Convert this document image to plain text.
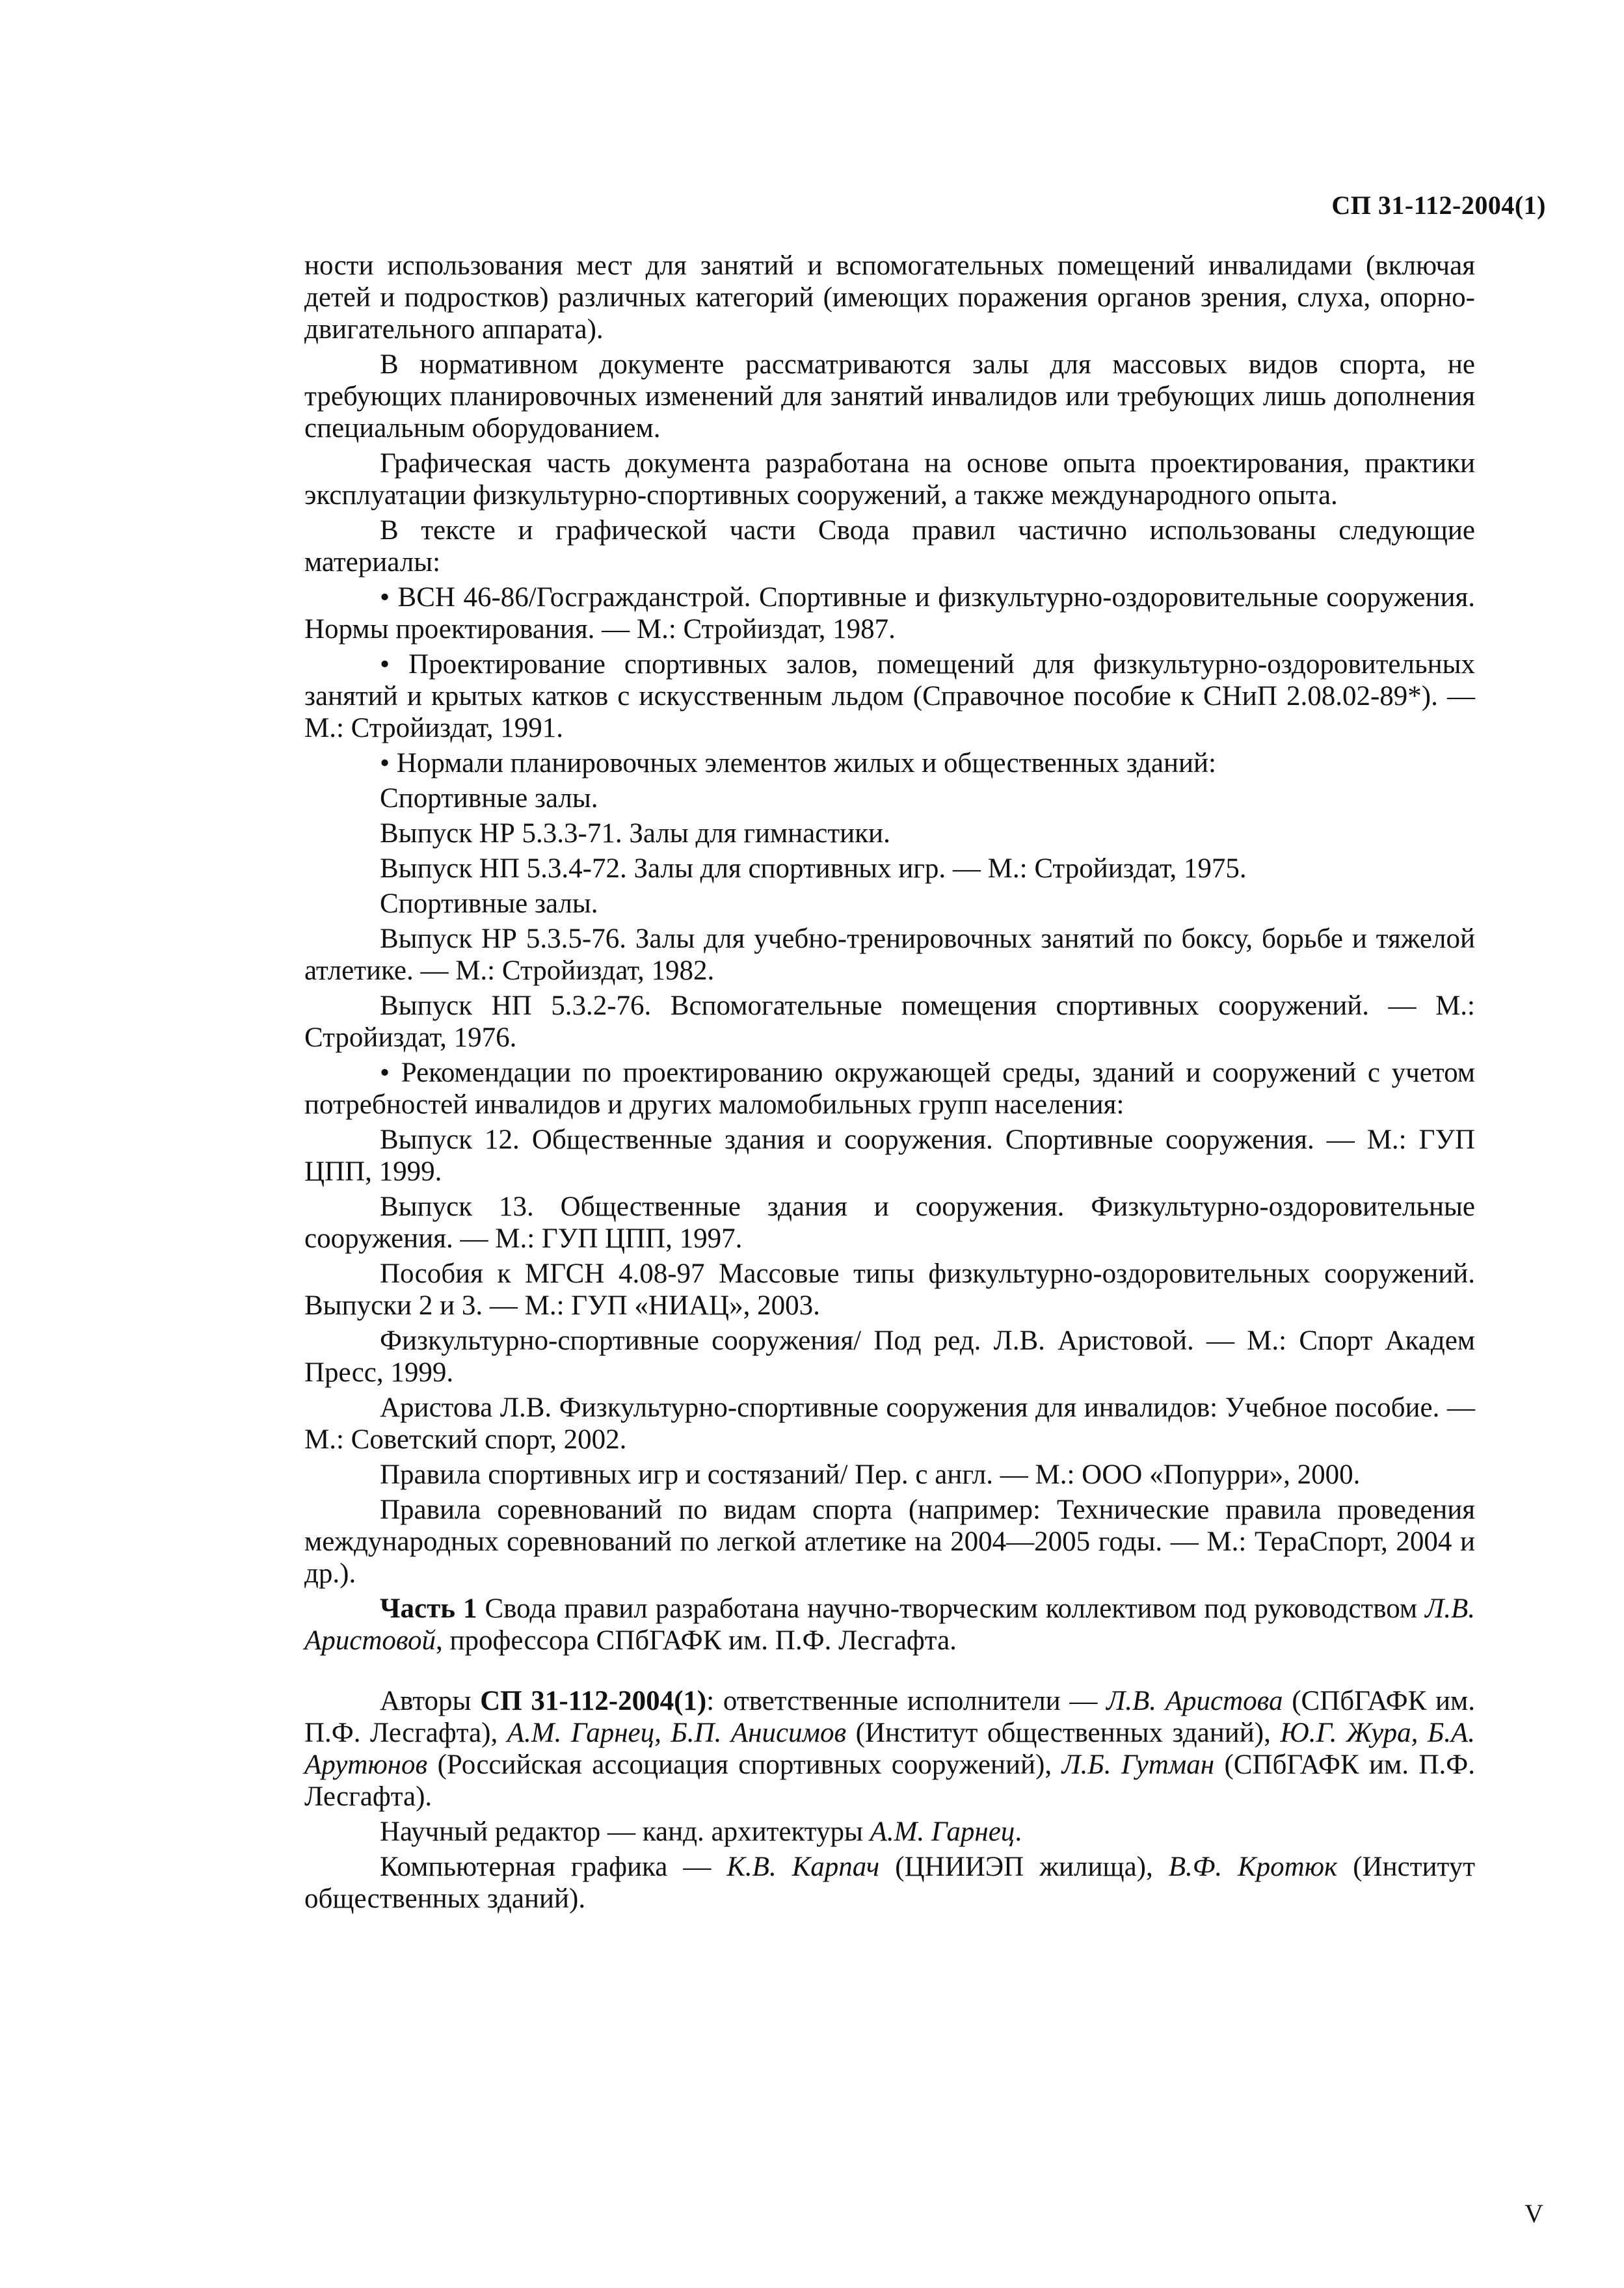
СП 31-112-2004(1)

ности использования мест для занятий и вспомогательных помещений инвалидами (включая детей и подростков) различных категорий (имеющих поражения органов зрения, слуха, опорно-двигательного аппарата).

В нормативном документе рассматриваются залы для массовых видов спорта, не требующих планировочных изменений для занятий инвалидов или требующих лишь дополнения специальным оборудованием.

Графическая часть документа разработана на основе опыта проектирования, практики эксплуатации физкультурно-спортивных сооружений, а также международного опыта.

В тексте и графической части Свода правил частично использованы следующие материалы:

• ВСН 46-86/Госгражданстрой. Спортивные и физкультурно-оздоровительные сооружения. Нормы проектирования. — М.: Стройиздат, 1987.

• Проектирование спортивных залов, помещений для физкультурно-оздоровительных занятий и крытых катков с искусственным льдом (Справочное пособие к СНиП 2.08.02-89*). — М.: Стройиздат, 1991.

• Нормали планировочных элементов жилых и общественных зданий:

Спортивные залы.

Выпуск НР 5.3.3-71. Залы для гимнастики.

Выпуск НП 5.3.4-72. Залы для спортивных игр. — М.: Стройиздат, 1975.

Спортивные залы.

Выпуск НР 5.3.5-76. Залы для учебно-тренировочных занятий по боксу, борьбе и тяжелой атлетике. — М.: Стройиздат, 1982.

Выпуск НП 5.3.2-76. Вспомогательные помещения спортивных сооружений. — М.: Стройиздат, 1976.

• Рекомендации по проектированию окружающей среды, зданий и сооружений с учетом потребностей инвалидов и других маломобильных групп населения:

Выпуск 12. Общественные здания и сооружения. Спортивные сооружения. — М.: ГУП ЦПП, 1999.

Выпуск 13. Общественные здания и сооружения. Физкультурно-оздоровительные сооружения. — М.: ГУП ЦПП, 1997.

Пособия к МГСН 4.08-97 Массовые типы физкультурно-оздоровительных сооружений. Выпуски 2 и 3. — М.: ГУП «НИАЦ», 2003.

Физкультурно-спортивные сооружения/ Под ред. Л.В. Аристовой. — М.: Спорт Академ Пресс, 1999.

Аристова Л.В. Физкультурно-спортивные сооружения для инвалидов: Учебное пособие. — М.: Советский спорт, 2002.

Правила спортивных игр и состязаний/ Пер. с англ. — М.: ООО «Попурри», 2000.

Правила соревнований по видам спорта (например: Технические правила проведения международных соревнований по легкой атлетике на 2004—2005 годы. — М.: ТераСпорт, 2004 и др.).

Часть 1 Свода правил разработана научно-творческим коллективом под руководством Л.В. Аристовой, профессора СПбГАФК им. П.Ф. Лесгафта.

Авторы СП 31-112-2004(1): ответственные исполнители — Л.В. Аристова (СПбГАФК им. П.Ф. Лесгафта), А.М. Гарнец, Б.П. Анисимов (Институт общественных зданий), Ю.Г. Жура, Б.А. Арутюнов (Российская ассоциация спортивных сооружений), Л.Б. Гутман (СПбГАФК им. П.Ф. Лесгафта).

Научный редактор — канд. архитектуры А.М. Гарнец.

Компьютерная графика — К.В. Карпач (ЦНИИЭП жилища), В.Ф. Кротюк (Институт общественных зданий).

V
